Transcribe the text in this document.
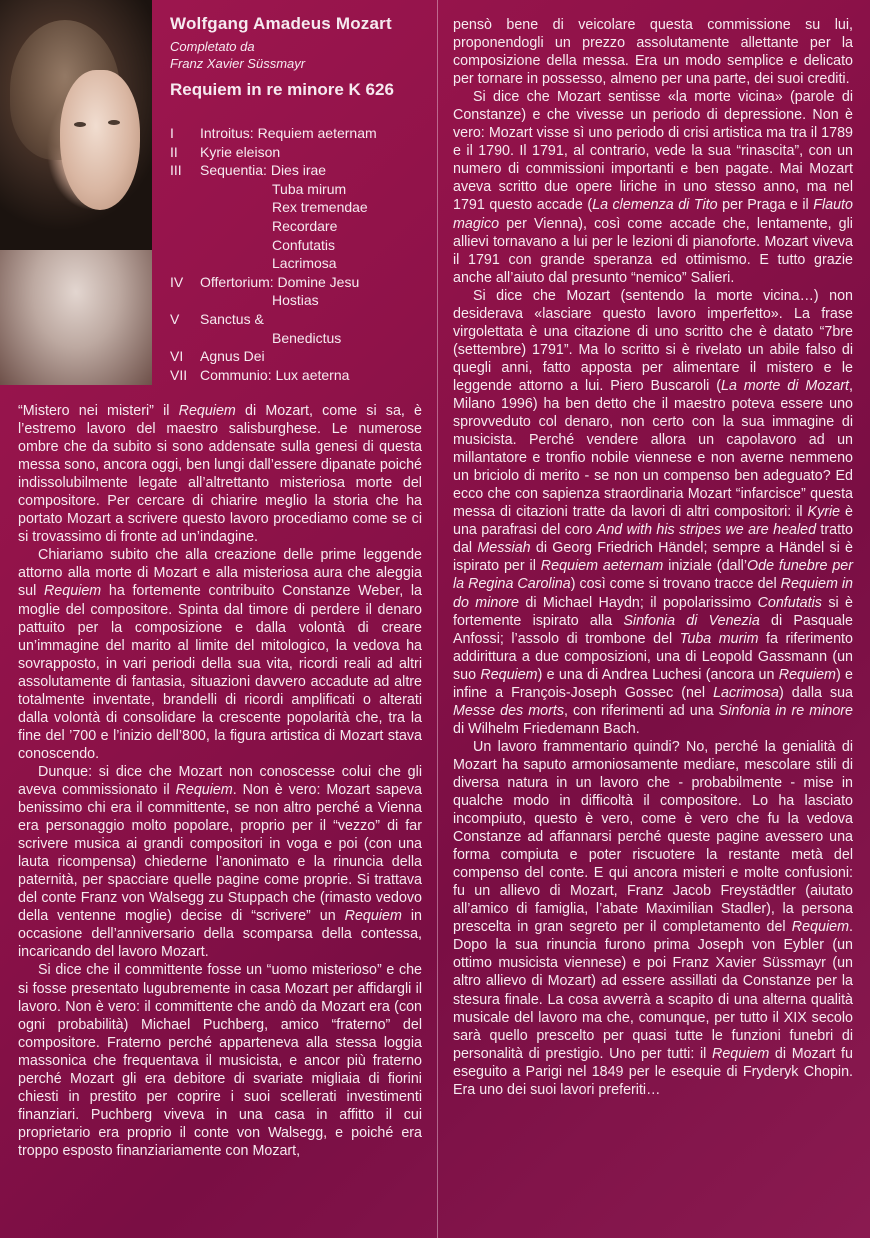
Wolfgang Amadeus Mozart
Completato da
Franz Xavier Süssmayr
Requiem in re minore K 626
I	Introitus: Requiem aeternam
II	Kyrie eleison
III	Sequentia: Dies irae
Tuba mirum
Rex tremendae
Recordare
Confutatis
Lacrimosa
IV	Offertorium: Domine Jesu
Hostias
V	Sanctus &
Benedictus
VI	Agnus Dei
VII Communio: Lux aeterna

“Mistero nei misteri” il Requiem di Mozart, come si sa, è l’estremo lavoro del maestro salisburghese. Le numerose ombre che da subito si sono addensate sulla genesi di questa messa sono, ancora oggi, ben lungi dall’essere dipanate poiché indissolubilmente legate all’altrettanto misteriosa morte del compositore. Per cercare di chiarire meglio la storia che ha portato Mozart a scrivere questo lavoro procediamo come se ci si trovassimo di fronte ad un’indagine.

Chiariamo subito che alla creazione delle prime leggende attorno alla morte di Mozart e alla misteriosa aura che aleggia sul Requiem ha fortemente contribuito Constanze Weber, la moglie del compositore. Spinta dal timore di perdere il denaro pattuito per la composizione e dalla volontà di creare un’immagine del marito al limite del mitologico, la vedova ha sovrapposto, in vari periodi della sua vita, ricordi reali ad altri assolutamente di fantasia, situazioni davvero accadute ad altre totalmente inventate, brandelli di ricordi amplificati o alterati dalla volontà di consolidare la crescente popolarità che, tra la fine del ’700 e l’inizio dell’800, la figura artistica di Mozart stava conoscendo.

Dunque: si dice che Mozart non conoscesse colui che gli aveva commissionato il Requiem. Non è vero: Mozart sapeva benissimo chi era il committente, se non altro perché a Vienna era personaggio molto popolare, proprio per il “vezzo” di far scrivere musica ai grandi compositori in voga e poi (con una lauta ricompensa) chiederne l’anonimato e la rinuncia della paternità, per spacciare quelle pagine come proprie. Si trattava del conte Franz von Walsegg zu Stuppach che (rimasto vedovo della ventenne moglie) decise di “scrivere” un Requiem in occasione dell’anniversario della scomparsa della contessa, incaricando del lavoro Mozart.

Si dice che il committente fosse un “uomo misterioso” e che si fosse presentato lugubremente in casa Mozart per affidargli il lavoro. Non è vero: il committente che andò da Mozart era (con ogni probabilità) Michael Puchberg, amico “fraterno” del compositore. Fraterno perché apparteneva alla stessa loggia massonica che frequentava il musicista, e ancor più fraterno perché Mozart gli era debitore di svariate migliaia di fiorini chiesti in prestito per coprire i suoi scellerati investimenti finanziari. Puchberg viveva in una casa in affitto il cui proprietario era proprio il conte von Walsegg, e poiché era troppo esposto finanziariamente con Mozart,

pensò bene di veicolare questa commissione su lui, proponendogli un prezzo assolutamente allettante per la composizione della messa. Era un modo semplice e delicato per tornare in possesso, almeno per una parte, dei suoi crediti.

Si dice che Mozart sentisse «la morte vicina» (parole di Constanze) e che vivesse un periodo di depressione. Non è vero: Mozart visse sì uno periodo di crisi artistica ma tra il 1789 e il 1790. Il 1791, al contrario, vede la sua “rinascita”, con un numero di commissioni importanti e ben pagate. Mai Mozart aveva scritto due opere liriche in uno stesso anno, ma nel 1791 questo accade (La clemenza di Tito per Praga e il Flauto magico per Vienna), così come accade che, lentamente, gli allievi tornavano a lui per le lezioni di pianoforte. Mozart viveva il 1791 con grande speranza ed ottimismo. E tutto grazie anche all’aiuto dal presunto “nemico” Salieri.

Si dice che Mozart (sentendo la morte vicina…) non desiderava «lasciare questo lavoro imperfetto». La frase virgolettata è una citazione di uno scritto che è datato “7bre (settembre) 1791”. Ma lo scritto si è rivelato un abile falso di quegli anni, fatto apposta per alimentare il mistero e le leggende attorno a lui. Piero Buscaroli (La morte di Mozart, Milano 1996) ha ben detto che il maestro poteva essere uno sprovveduto col denaro, non certo con la sua immagine di musicista. Perché vendere allora un capolavoro ad un millantatore e tronfio nobile viennese e non averne nemmeno un briciolo di merito - se non un compenso ben adeguato? Ed ecco che con sapienza straordinaria Mozart “infarcisce” questa messa di citazioni tratte da lavori di altri compositori: il Kyrie è una parafrasi del coro And with his stripes we are healed tratto dal Messiah di Georg Friedrich Händel; sempre a Händel si è ispirato per il Requiem aeternam iniziale (dall’Ode funebre per la Regina Carolina) così come si trovano tracce del Requiem in do minore di Michael Haydn; il popolarissimo Confutatis si è fortemente ispirato alla Sinfonia di Venezia di Pasquale Anfossi; l’assolo di trombone del Tuba murim fa riferimento addirittura a due composizioni, una di Leopold Gassmann (un suo Requiem) e una di Andrea Luchesi (ancora un Requiem) e infine a François-Joseph Gossec (nel Lacrimosa) dalla sua Messe des morts, con riferimenti ad una Sinfonia in re minore di Wilhelm Friedemann Bach.

Un lavoro frammentario quindi? No, perché la genialità di Mozart ha saputo armoniosamente mediare, mescolare stili di diversa natura in un lavoro che - probabilmente - mise in qualche modo in difficoltà il compositore. Lo ha lasciato incompiuto, questo è vero, come è vero che fu la vedova Constanze ad affannarsi perché queste pagine avessero una forma compiuta e poter riscuotere la restante metà del compenso del conte. E qui ancora misteri e molte confusioni: fu un allievo di Mozart, Franz Jacob Freystädtler (aiutato all’amico di famiglia, l’abate Maximilian Stadler), la persona prescelta in gran segreto per il completamento del Requiem. Dopo la sua rinuncia furono prima Joseph von Eybler (un ottimo musicista viennese) e poi Franz Xavier Süssmayr (un altro allievo di Mozart) ad essere assillati da Constanze per la stesura finale. La cosa avverrà a scapito di una alterna qualità musicale del lavoro ma che, comunque, per tutto il XIX secolo sarà quello prescelto per quasi tutte le funzioni funebri di personalità di prestigio. Uno per tutti: il Requiem di Mozart fu eseguito a Parigi nel 1849 per le esequie di Fryderyk Chopin. Era uno dei suoi lavori preferiti…
